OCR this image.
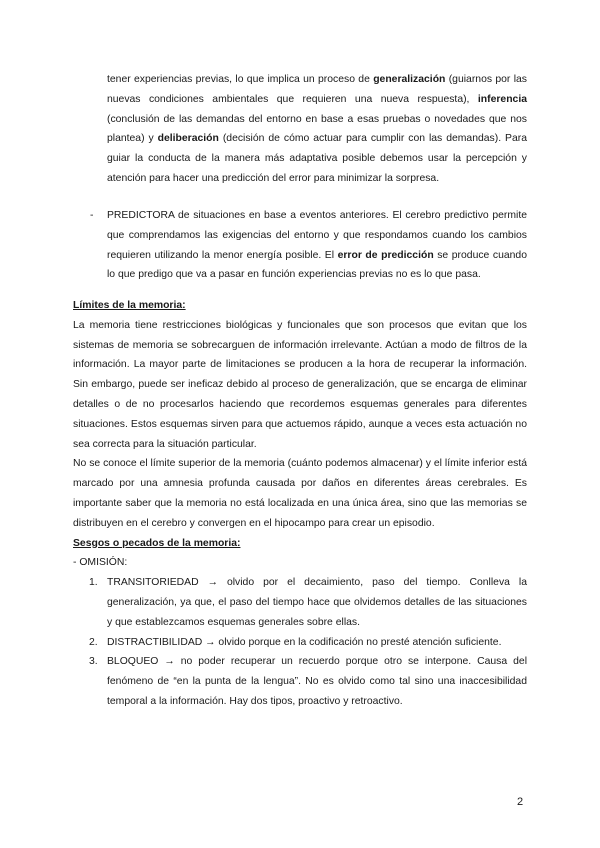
tener experiencias previas, lo que implica un proceso de generalización (guiarnos por las nuevas condiciones ambientales que requieren una nueva respuesta), inferencia (conclusión de las demandas del entorno en base a esas pruebas o novedades que nos plantea) y deliberación (decisión de cómo actuar para cumplir con las demandas). Para guiar la conducta de la manera más adaptativa posible debemos usar la percepción y atención para hacer una predicción del error para minimizar la sorpresa.

- PREDICTORA de situaciones en base a eventos anteriores. El cerebro predictivo permite que comprendamos las exigencias del entorno y que respondamos cuando los cambios requieren utilizando la menor energía posible. El error de predicción se produce cuando lo que predigo que va a pasar en función experiencias previas no es lo que pasa.

Límites de la memoria:

La memoria tiene restricciones biológicas y funcionales que son procesos que evitan que los sistemas de memoria se sobrecarguen de información irrelevante. Actúan a modo de filtros de la información. La mayor parte de limitaciones se producen a la hora de recuperar la información. Sin embargo, puede ser ineficaz debido al proceso de generalización, que se encarga de eliminar detalles o de no procesarlos haciendo que recordemos esquemas generales para diferentes situaciones. Estos esquemas sirven para que actuemos rápido, aunque a veces esta actuación no sea correcta para la situación particular.

No se conoce el límite superior de la memoria (cuánto podemos almacenar) y el límite inferior está marcado por una amnesia profunda causada por daños en diferentes áreas cerebrales. Es importante saber que la memoria no está localizada en una única área, sino que las memorias se distribuyen en el cerebro y convergen en el hipocampo para crear un episodio.

Sesgos o pecados de la memoria:

- OMISIÓN:

1. TRANSITORIEDAD → olvido por el decaimiento, paso del tiempo. Conlleva la generalización, ya que, el paso del tiempo hace que olvidemos detalles de las situaciones y que establezcamos esquemas generales sobre ellas.
2. DISTRACTIBILIDAD → olvido porque en la codificación no presté atención suficiente.
3. BLOQUEO → no poder recuperar un recuerdo porque otro se interpone. Causa del fenómeno de “en la punta de la lengua”. No es olvido como tal sino una inaccesibilidad temporal a la información. Hay dos tipos, proactivo y retroactivo.
2
